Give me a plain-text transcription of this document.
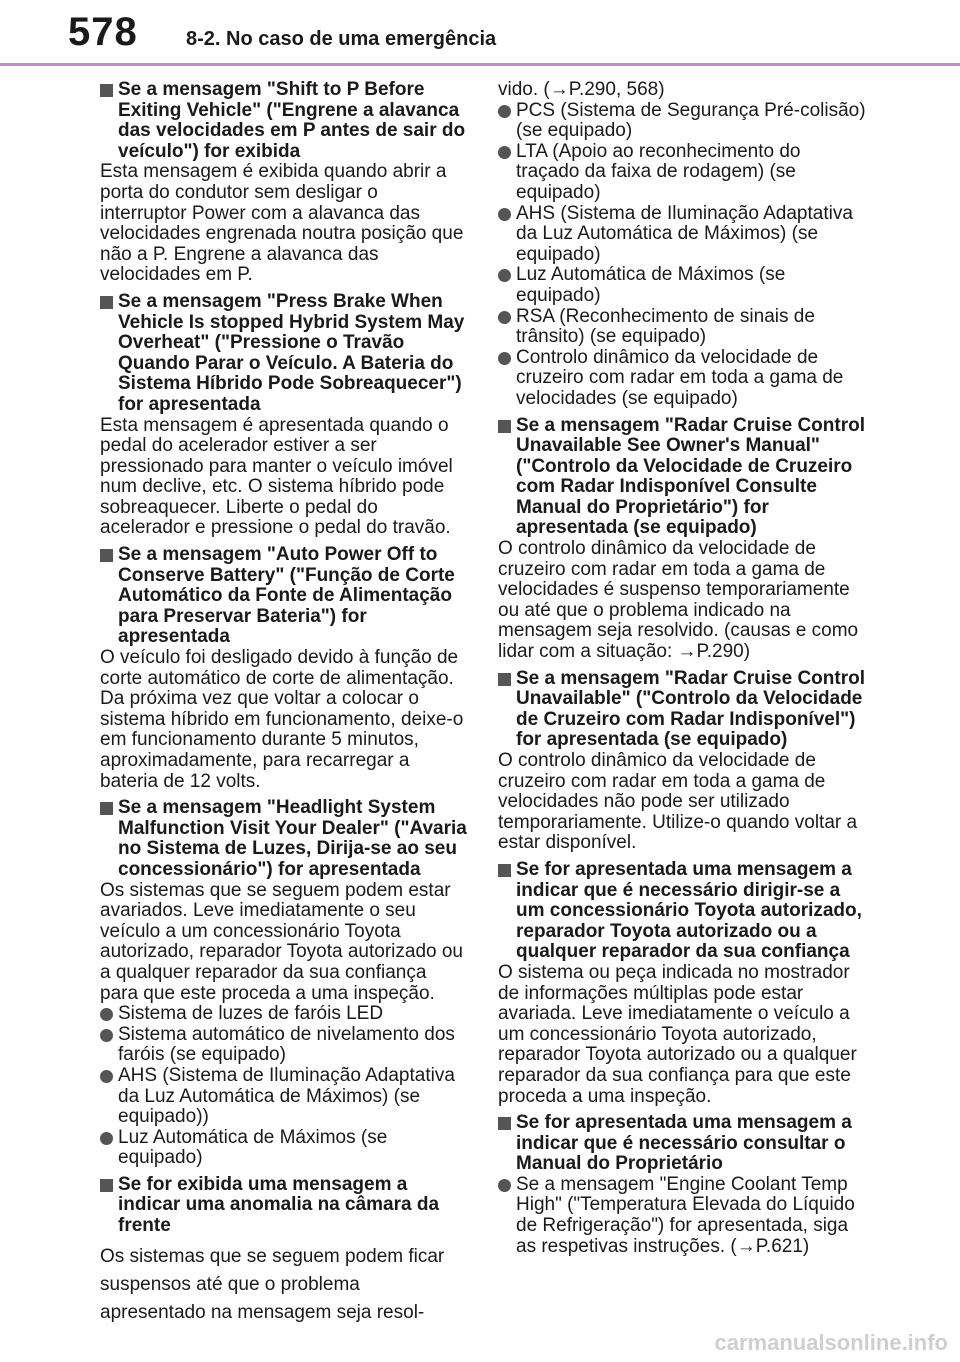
578 8-2. No caso de uma emergência
Se a mensagem "Shift to P Before Exiting Vehicle" ("Engrene a alavanca das velocidades em P antes de sair do veículo") for exibida

Esta mensagem é exibida quando abrir a porta do condutor sem desligar o interruptor Power com a alavanca das velocidades engrenada noutra posição que não a P. Engrene a alavanca das velocidades em P.

Se a mensagem "Press Brake When Vehicle Is stopped Hybrid System May Overheat" ("Pressione o Travão Quando Parar o Veículo. A Bateria do Sistema Híbrido Pode Sobreaquecer") for apresentada

Esta mensagem é apresentada quando o pedal do acelerador estiver a ser pressionado para manter o veículo imóvel num declive, etc. O sistema híbrido pode sobreaquecer. Liberte o pedal do acelerador e pressione o pedal do travão.

Se a mensagem "Auto Power Off to Conserve Battery" ("Função de Corte Automático da Fonte de Alimentação para Preservar Bateria") for apresentada

O veículo foi desligado devido à função de corte automático de corte de alimentação. Da próxima vez que voltar a colocar o sistema híbrido em funcionamento, deixe-o em funcionamento durante 5 minutos, aproximadamente, para recarregar a bateria de 12 volts.

Se a mensagem "Headlight System Malfunction Visit Your Dealer" ("Avaria no Sistema de Luzes, Dirija-se ao seu concessionário") for apresentada

Os sistemas que se seguem podem estar avariados. Leve imediatamente o seu veículo a um concessionário Toyota autorizado, reparador Toyota autorizado ou a qualquer reparador da sua confiança para que este proceda a uma inspeção.

Sistema de luzes de faróis LED
Sistema automático de nivelamento dos faróis (se equipado)
AHS (Sistema de Iluminação Adaptativa da Luz Automática de Máximos) (se equipado))
Luz Automática de Máximos (se equipado)
Se for exibida uma mensagem a indicar uma anomalia na câmara da frente

Os sistemas que se seguem podem ficar suspensos até que o problema apresentado na mensagem seja resol-

vido. (→P.290, 568)

PCS (Sistema de Segurança Pré-colisão) (se equipado)
LTA (Apoio ao reconhecimento do traçado da faixa de rodagem) (se equipado)
AHS (Sistema de Iluminação Adaptativa da Luz Automática de Máximos) (se equipado)
Luz Automática de Máximos (se equipado)
RSA (Reconhecimento de sinais de trânsito) (se equipado)
Controlo dinâmico da velocidade de cruzeiro com radar em toda a gama de velocidades (se equipado)
Se a mensagem "Radar Cruise Control Unavailable See Owner's Manual" ("Controlo da Velocidade de Cruzeiro com Radar Indisponível Consulte Manual do Proprietário") for apresentada (se equipado)

O controlo dinâmico da velocidade de cruzeiro com radar em toda a gama de velocidades é suspenso temporariamente ou até que o problema indicado na mensagem seja resolvido. (causas e como lidar com a situação: →P.290)

Se a mensagem "Radar Cruise Control Unavailable" ("Controlo da Velocidade de Cruzeiro com Radar Indisponível") for apresentada (se equipado)

O controlo dinâmico da velocidade de cruzeiro com radar em toda a gama de velocidades não pode ser utilizado temporariamente. Utilize-o quando voltar a estar disponível.

Se for apresentada uma mensagem a indicar que é necessário dirigir-se a um concessionário Toyota autorizado, reparador Toyota autorizado ou a qualquer reparador da sua confiança

O sistema ou peça indicada no mostrador de informações múltiplas pode estar avariada. Leve imediatamente o veículo a um concessionário Toyota autorizado, reparador Toyota autorizado ou a qualquer reparador da sua confiança para que este proceda a uma inspeção.

Se for apresentada uma mensagem a indicar que é necessário consultar o Manual do Proprietário
Se a mensagem "Engine Coolant Temp High" ("Temperatura Elevada do Líquido de Refrigeração") for apresentada, siga as respetivas instruções. (→P.621)
carmanualsonline.info
